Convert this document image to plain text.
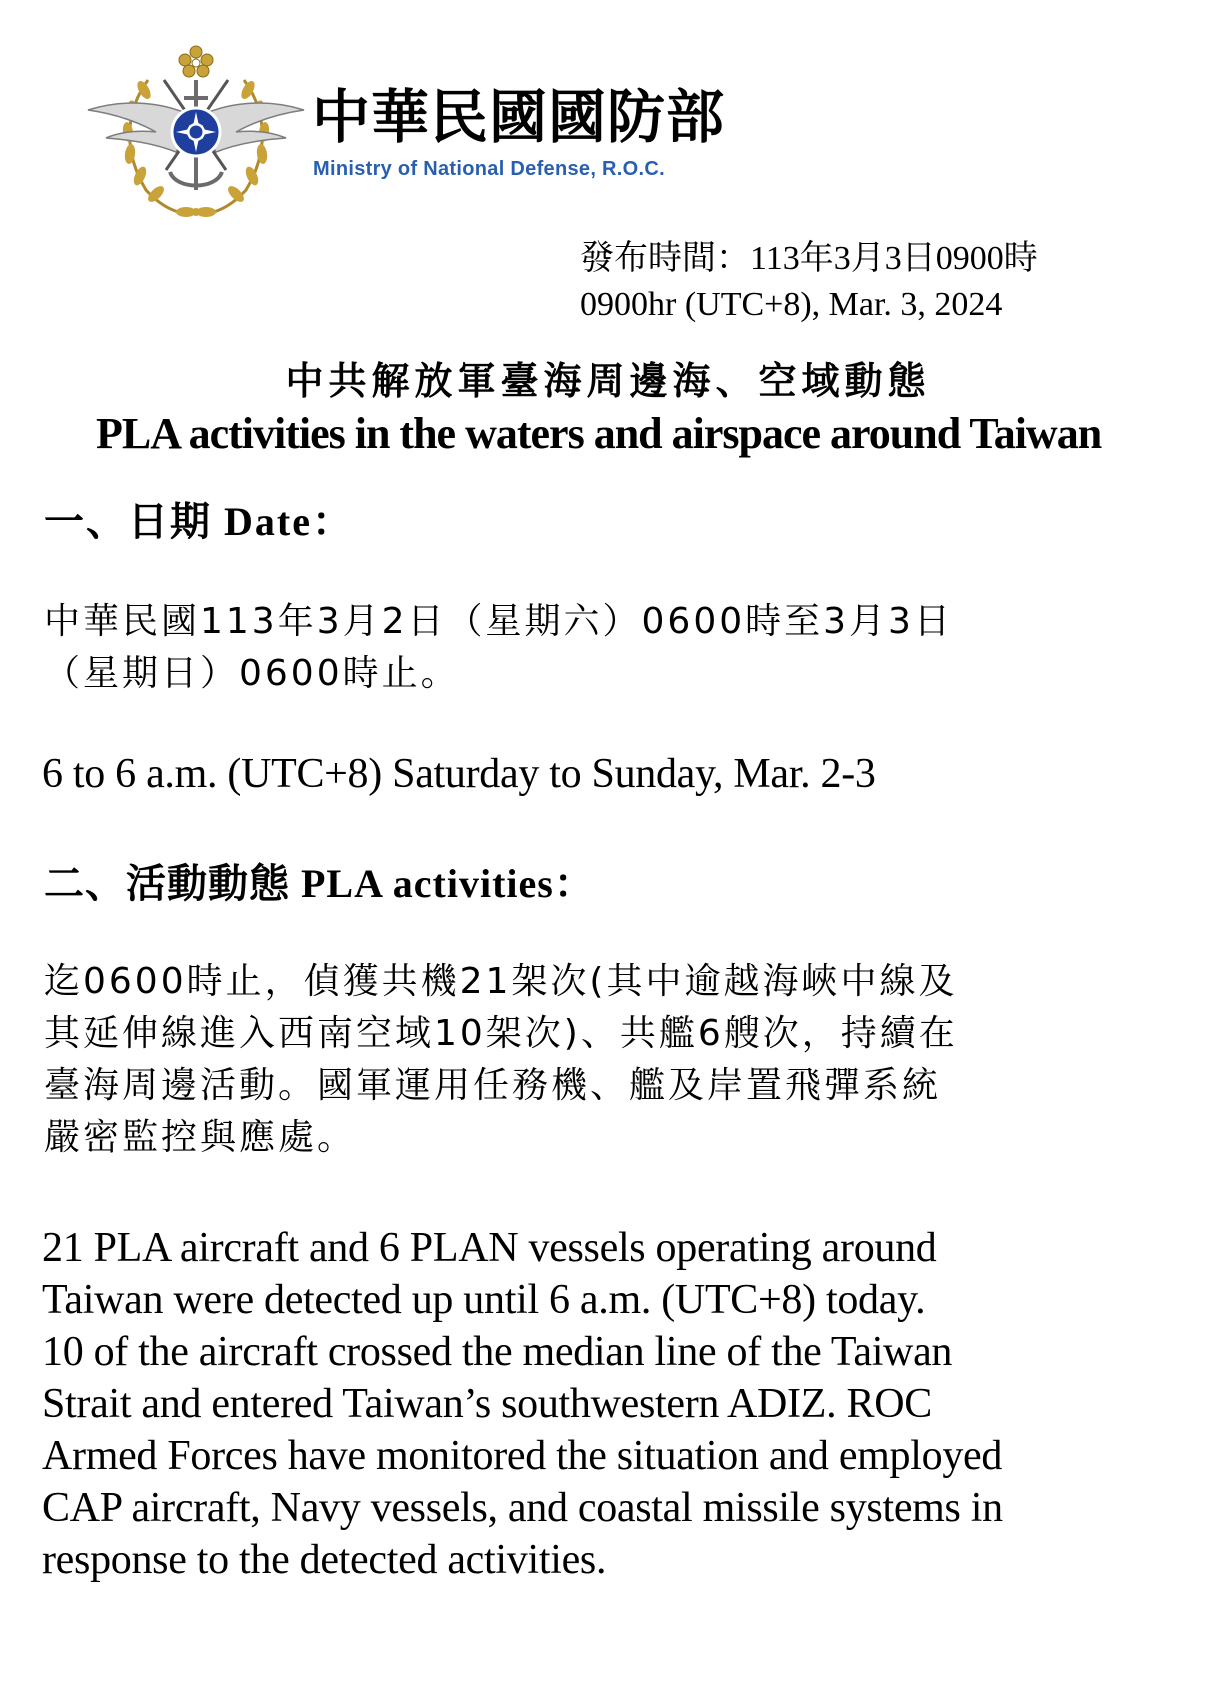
中華民國國防部
Ministry of National Defense, R.O.C.
發布時間：113年3月3日0900時
0900hr (UTC+8), Mar. 3, 2024
中共解放軍臺海周邊海、空域動態
PLA activities in the waters and airspace around Taiwan
一、日期 Date：
中華民國113年3月2日（星期六）0600時至3月3日
（星期日）0600時止。
6 to 6 a.m. (UTC+8) Saturday to Sunday, Mar. 2-3
二、活動動態 PLA activities：
迄0600時止，偵獲共機21架次(其中逾越海峽中線及
其延伸線進入西南空域10架次)、共艦6艘次，持續在
臺海周邊活動。國軍運用任務機、艦及岸置飛彈系統
嚴密監控與應處。
21 PLA aircraft and 6 PLAN vessels operating around
Taiwan were detected up until 6 a.m. (UTC+8) today.
10 of the aircraft crossed the median line of the Taiwan
Strait and entered Taiwan’s southwestern ADIZ. ROC
Armed Forces have monitored the situation and employed
CAP aircraft, Navy vessels, and coastal missile systems in
response to the detected activities.
